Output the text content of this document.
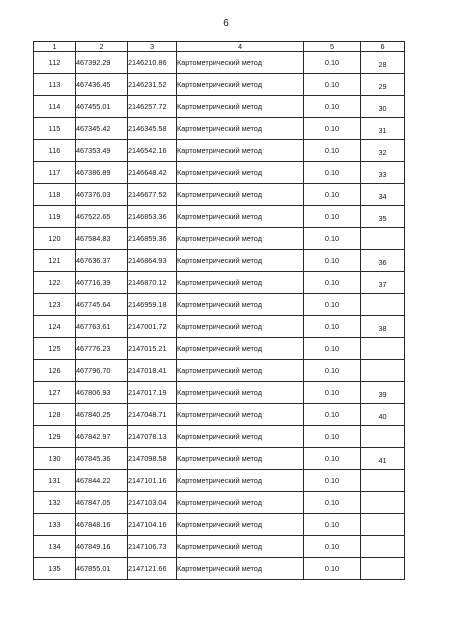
6
1	2	3	4	5	6
112	467392.29	2146210.86	Картометрический метод	0.10	28

113	467436.45	2146231.52	Картометрический метод	0.10	29

114	467455.01	2146257.72	Картометрический метод	0.10	30

115	467345.42	2146345.58	Картометрический метод	0.10	31

116	467353.49	2146542.16	Картометрический метод	0.10	32

117	467386.89	2146648.42	Картометрический метод	0.10	33

118	467376.03	2146677.52	Картометрический метод	0.10	34

119	467522.65	2146853.36	Картометрический метод	0.10	35

120	467584.83	2146859.36	Картометрический метод	0.10	

121	467636.37	2146864.93	Картометрический метод	0.10	36

122	467716.39	2146870.12	Картометрический метод	0.10	37

123	467745.64	2146959.18	Картометрический метод	0.10	

124	467763.61	2147001.72	Картометрический метод	0.10	38

125	467776.23	2147015.21	Картометрический метод	0.10	

126	467796.70	2147018.41	Картометрический метод	0.10	

127	467806.93	2147017.19	Картометрический метод	0.10	39

128	467840.25	2147048.71	Картометрический метод	0.10	40

129	467842.97	2147078.13	Картометрический метод	0.10	

130	467845.36	2147098.58	Картометрический метод	0.10	41

131	467844.22	2147101.16	Картометрический метод	0.10	

132	467847.05	2147103.04	Картометрический метод	0.10	

133	467848.16	2147104.16	Картометрический метод	0.10	

134	467849.16	2147106.73	Картометрический метод	0.10	

135	467855.01	2147121.66	Картометрический метод	0.10	
